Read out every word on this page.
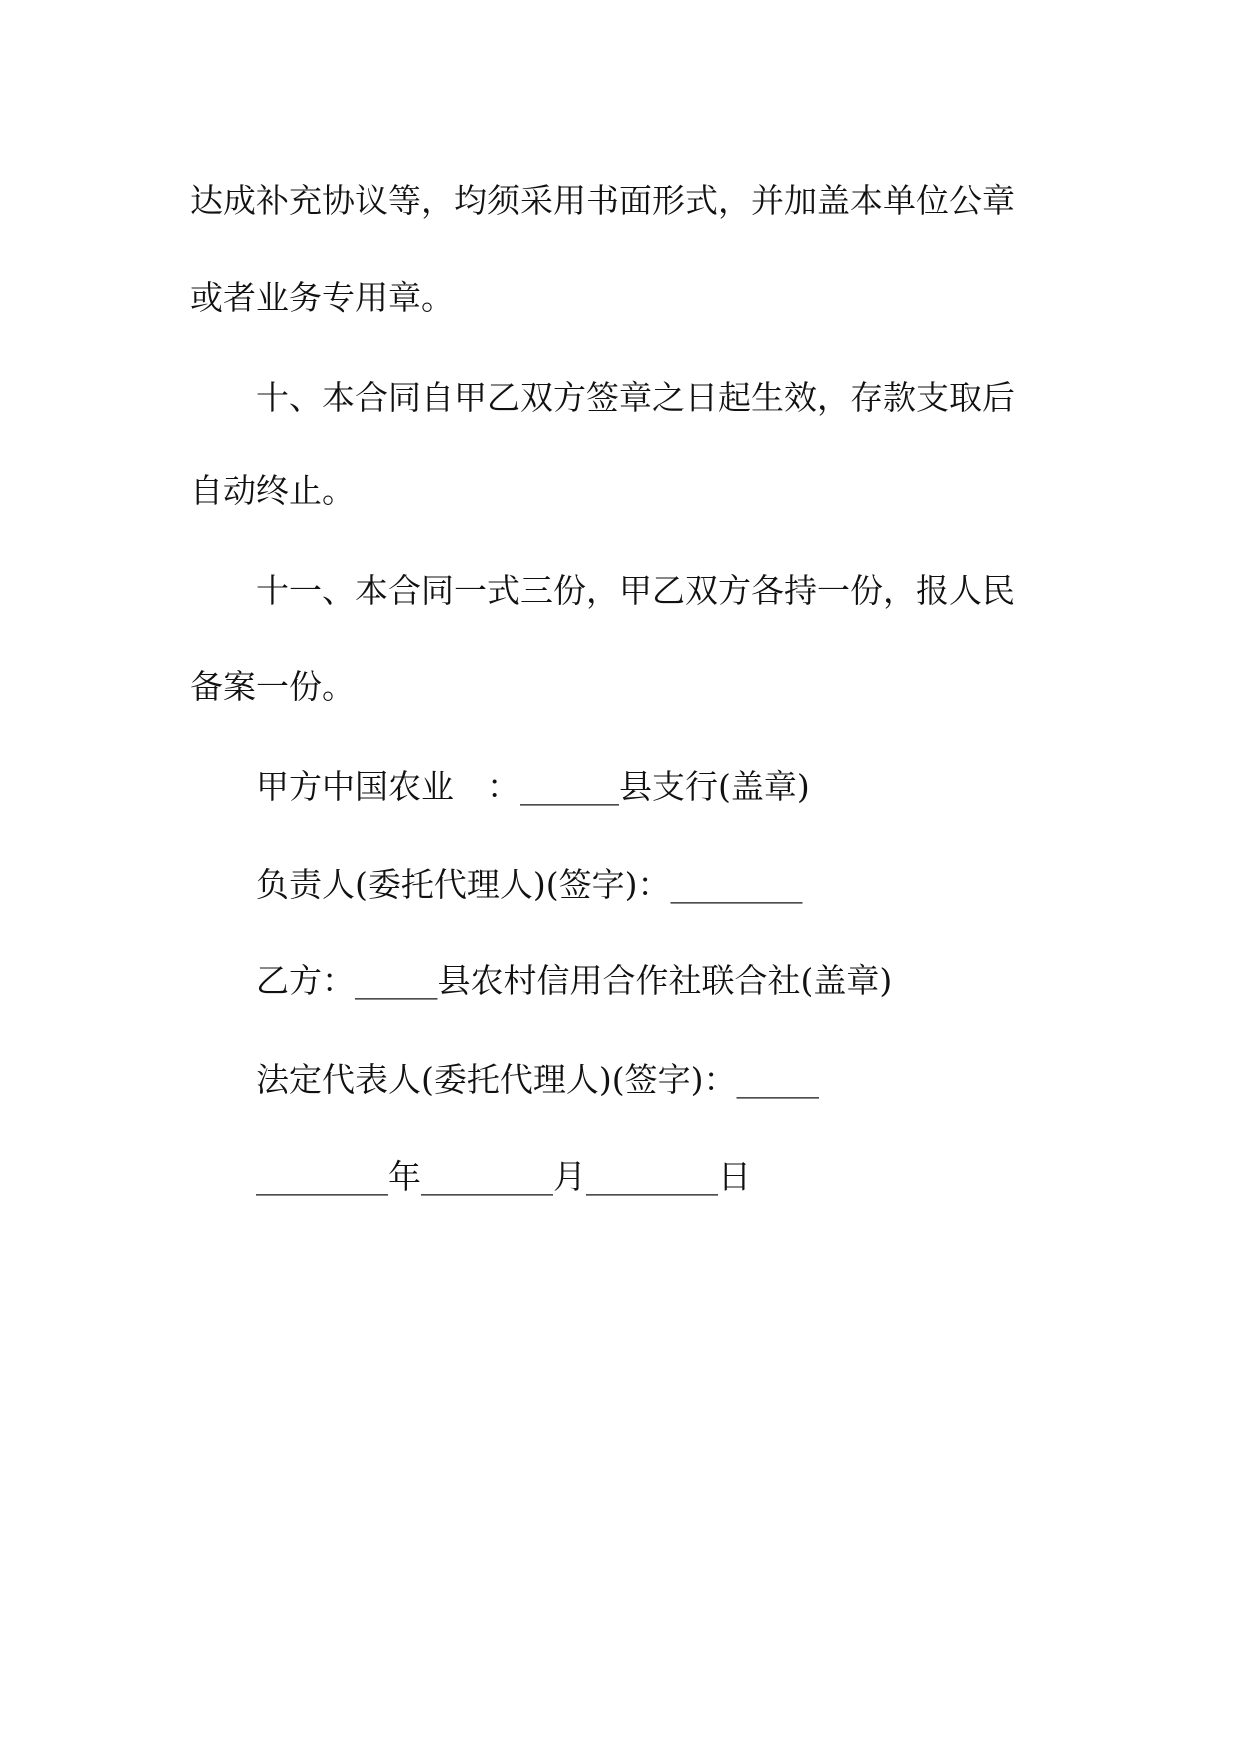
达成补充协议等，均须采用书面形式，并加盖本单位公章
或者业务专用章。
十、本合同自甲乙双方签章之日起生效，存款支取后
自动终止。
十一、本合同一式三份，甲乙双方各持一份，报人民
备案一份。
甲方中国农业　：______县支行(盖章)
负责人(委托代理人)(签字)：________
乙方：_____县农村信用合作社联合社(盖章)
法定代表人(委托代理人)(签字)：_____
________年________月________日
